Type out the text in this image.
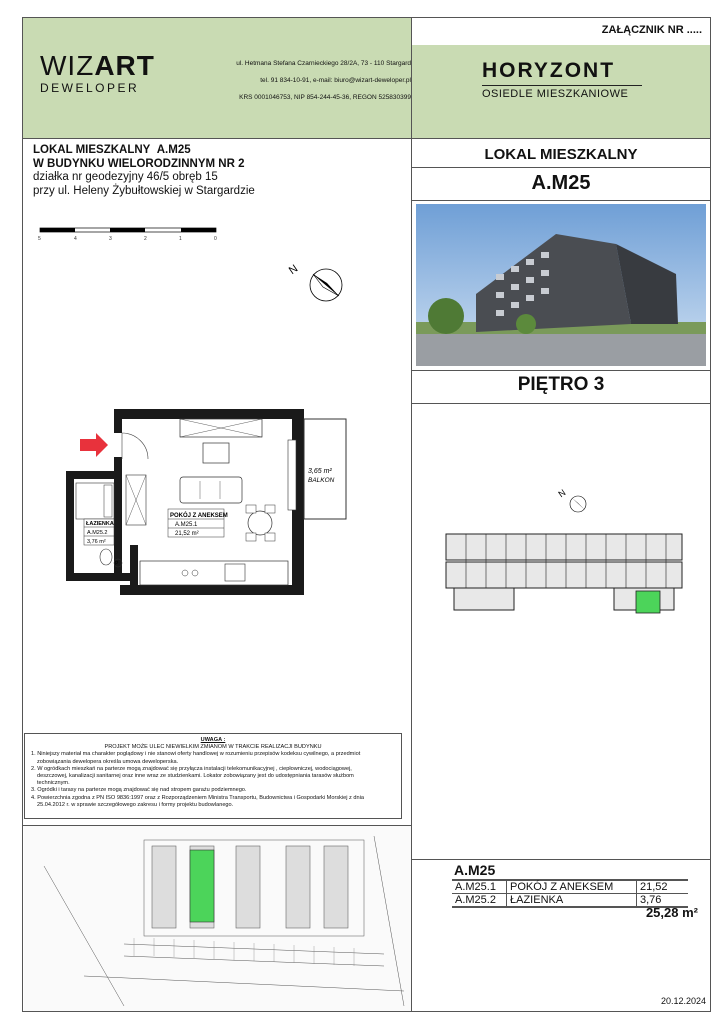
ZAŁĄCZNIK NR .....
WIZART
DEWELOPER
ul. Hetmana Stefana Czarnieckiego 28/2A, 73 - 110 Stargard
tel. 91 834-10-91, e-mail: biuro@wizart-deweloper.pl
KRS 0001046753, NIP 854-244-45-36, REGON 525830399
HORYZONT
OSIEDLE MIESZKANIOWE
LOKAL MIESZKALNY A.M25
W BUDYNKU WIELORODZINNYM NR 2
działka nr geodezyjny 46/5 obręb 15
przy ul. Heleny Żybułtowskiej w Stargardzie
5	4	3	2	1	0
N
P
3,65 m²
BALKON
POKÓJ Z ANEKSEM
A.M25.1
21,52 m²
ŁAZIENKA
A.M25.2
3,76 m²
UWAGA :
PROJEKT MOŻE ULEC NIEWIELKIM ZMIANOM W TRAKCIE REALIZACJI BUDYNKU
1. Niniejszy materiał ma charakter poglądowy i nie stanowi oferty handlowej w rozumieniu przepisów kodeksu cywilnego, a przedmiot
zobowiązania dewelopera określa umowa deweloperska.
2. W ogródkach mieszkań na parterze mogą znajdować się przyłącza instalacji telekomunikacyjnej , ciepłowniczej, wodociągowej,
deszczowej, kanalizacji sanitarnej oraz inne wraz ze studzienkami. Lokator zobowiązany jest do udostępniania tarasów służbom
technicznym.
3. Ogródki i tarasy na parterze mogą znajdować się nad stropem garażu podziemnego.
4. Powierzchnia zgodna z PN ISO 9836:1997 oraz z Rozporządzeniem Ministra Transportu, Budownictwa i Gospodarki Morskiej z dnia
25.04.2012 r. w sprawie szczegółowego zakresu i formy projektu budowlanego.
LOKAL MIESZKALNY
A.M25
PIĘTRO 3
N
A.M25
A.M25.1	POKÓJ Z ANEKSEM	21,52
A.M25.2	ŁAZIENKA	3,76
25,28 m²
20.12.2024
